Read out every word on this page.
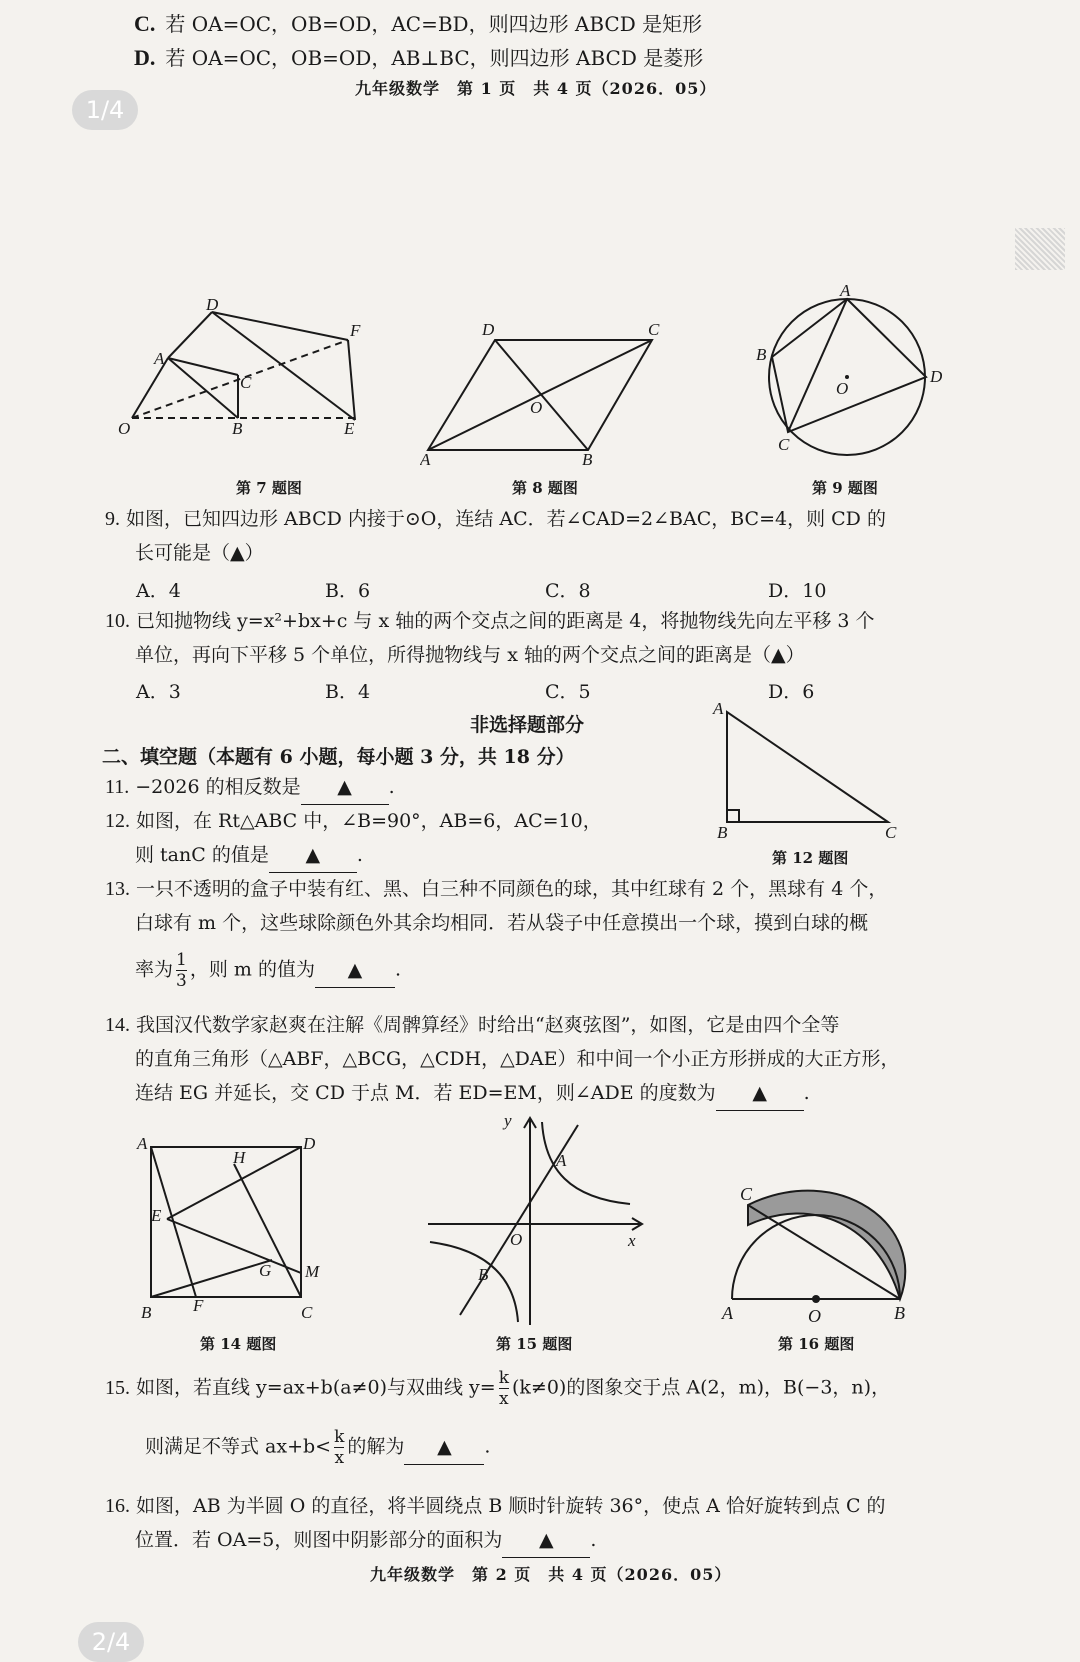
C. 若 OA=OC，OB=OD，AC=BD，则四边形 ABCD 是矩形
D. 若 OA=OC，OB=OD，AB⊥BC，则四边形 ABCD 是菱形
九年级数学　第 1 页　共 4 页（2026．05）
1/4
D
F
A
C
O	B	E
第 7 题图
D	C
O
A	B
第 8 题图
A
B
O
D
C
第 9 题图
9. 如图，已知四边形 ABCD 内接于⊙O，连结 AC．若∠CAD=2∠BAC，BC=4，则 CD 的
长可能是（▲）
A．4	B．6	C．8	D．10
10. 已知抛物线 y=x²+bx+c 与 x 轴的两个交点之间的距离是 4，将抛物线先向左平移 3 个
单位，再向下平移 5 个单位，所得抛物线与 x 轴的两个交点之间的距离是（▲）
A．3	B．4	C．5	D．6
非选择题部分
二、填空题（本题有 6 小题，每小题 3 分，共 18 分）
11. −2026 的相反数是 ▲ .
12. 如图，在 Rt△ABC 中，∠B=90°，AB=6，AC=10，
则 tanC 的值是 ▲ .
A
B	C
第 12 题图
13. 一只不透明的盒子中装有红、黑、白三种不同颜色的球，其中红球有 2 个，黑球有 4 个，
白球有 m 个，这些球除颜色外其余均相同．若从袋子中任意摸出一个球，摸到白球的概
率为 $\frac{1}{3}$ ，则 m 的值为 ▲ .
14. 我国汉代数学家赵爽在注解《周髀算经》时给出“赵爽弦图”，如图，它是由四个全等
的直角三角形（△ABF，△BCG，△CDH，△DAE）和中间一个小正方形拼成的大正方形，
连结 EG 并延长，交 CD 于点 M．若 ED=EM，则∠ADE 的度数为 ▲ .
A	D
H
E
G M
F
B	C
第 14 题图
y
A
O	x
B
第 15 题图
C
A	O	B
第 16 题图
15. 如图，若直线 y=ax+b(a≠0)与双曲线 $y= \frac{k}{x} (k\ne 0)$的图象交于点 A(2，m)，B(−3，n)，
则满足不等式 $ax+b< \frac{k}{x}$ 的解为 ▲ .
16. 如图，AB 为半圆 O 的直径，将半圆绕点 B 顺时针旋转 36°，使点 A 恰好旋转到点 C 的
位置．若 OA=5，则图中阴影部分的面积为 ▲ .
九年级数学　第 2 页　共 4 页（2026．05）
2/4
